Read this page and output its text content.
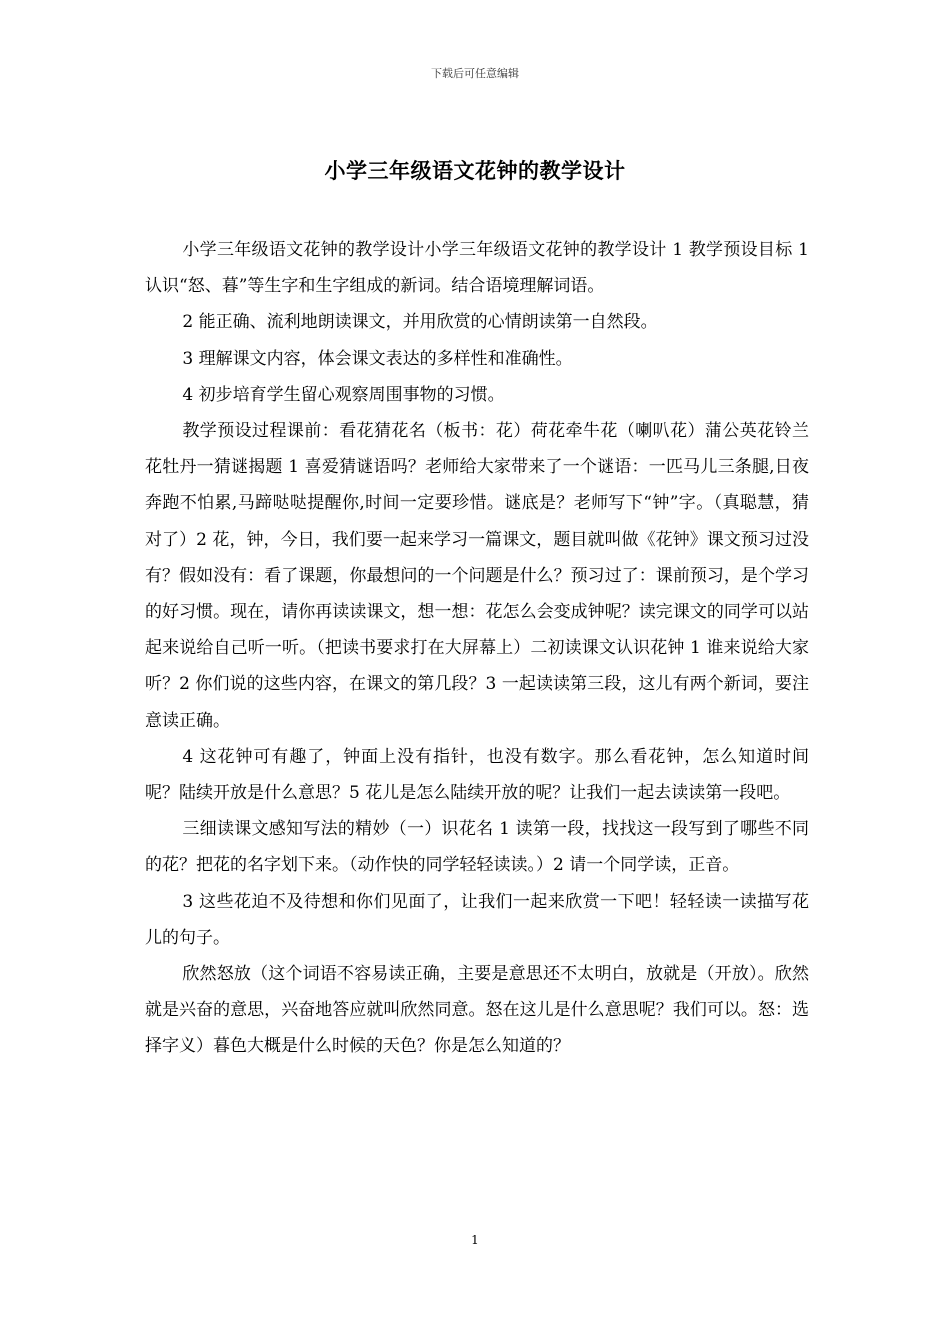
下载后可任意编辑
小学三年级语文花钟的教学设计

小学三年级语文花钟的教学设计小学三年级语文花钟的教学设计 1 教学预设目标 1 认识“怒、暮”等生字和生字组成的新词。结合语境理解词语。

2 能正确、流利地朗读课文，并用欣赏的心情朗读第一自然段。

3 理解课文内容，体会课文表达的多样性和准确性。

4 初步培育学生留心观察周围事物的习惯。

教学预设过程课前：看花猜花名（板书：花）荷花牵牛花（喇叭花）蒲公英花铃兰花牡丹一猜谜揭题 1 喜爱猜谜语吗？老师给大家带来了一个谜语：一匹马儿三条腿,日夜奔跑不怕累,马蹄哒哒提醒你,时间一定要珍惜。谜底是？老师写下“钟”字。（真聪慧，猜对了）2 花，钟，今日，我们要一起来学习一篇课文，题目就叫做《花钟》课文预习过没有？假如没有：看了课题，你最想问的一个问题是什么？预习过了：课前预习，是个学习的好习惯。现在，请你再读读课文，想一想：花怎么会变成钟呢？读完课文的同学可以站起来说给自己听一听。（把读书要求打在大屏幕上）二初读课文认识花钟 1 谁来说给大家听？2 你们说的这些内容，在课文的第几段？3 一起读读第三段，这儿有两个新词，要注意读正确。

4 这花钟可有趣了，钟面上没有指针，也没有数字。那么看花钟，怎么知道时间呢？陆续开放是什么意思？5 花儿是怎么陆续开放的呢？让我们一起去读读第一段吧。

三细读课文感知写法的精妙（一）识花名 1 读第一段，找找这一段写到了哪些不同的花？把花的名字划下来。（动作快的同学轻轻读读。）2 请一个同学读，正音。

3 这些花迫不及待想和你们见面了，让我们一起来欣赏一下吧！轻轻读一读描写花儿的句子。

欣然怒放（这个词语不容易读正确，主要是意思还不太明白，放就是（开放）。欣然就是兴奋的意思，兴奋地答应就叫欣然同意。怒在这儿是什么意思呢？我们可以。怒：选择字义）暮色大概是什么时候的天色？你是怎么知道的？

1
